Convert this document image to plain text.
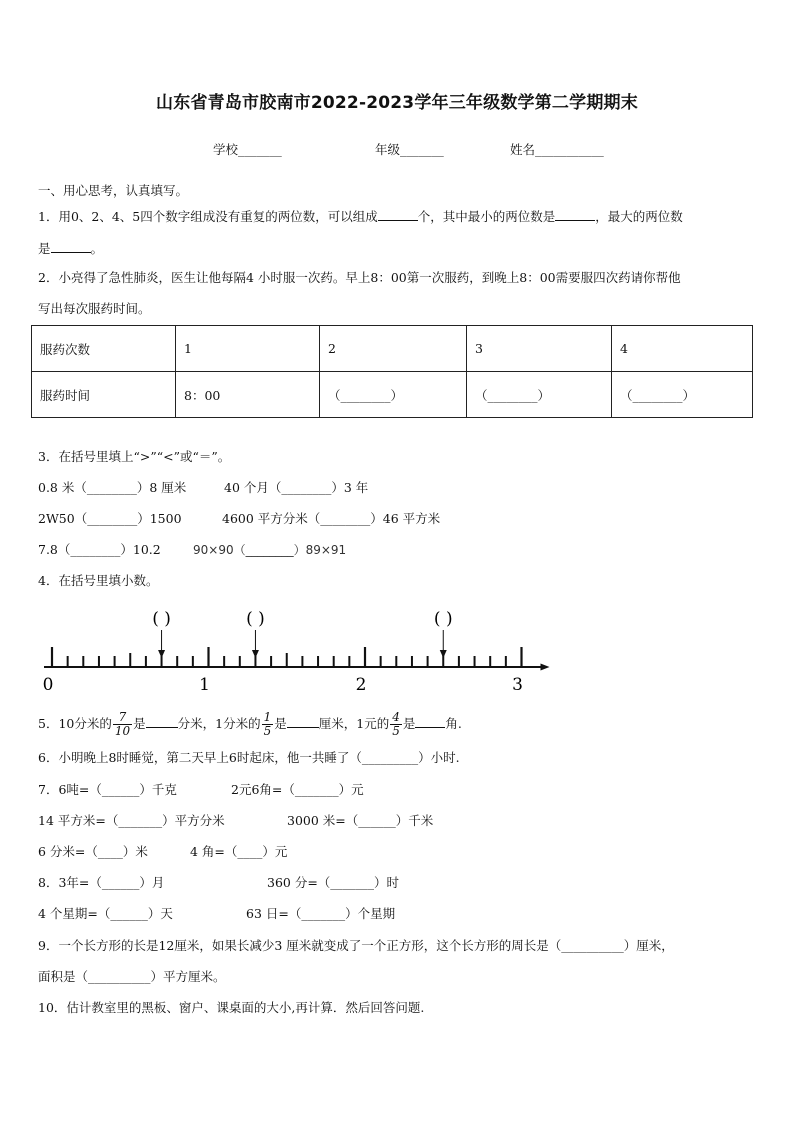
山东省青岛市胶南市2022-2023学年三年级数学第二学期期末
学校_______	年级_______	姓名___________
一、用心思考，认真填写。
1．用0、2、4、5四个数字组成没有重复的两位数，可以组成	个，其中最小的两位数是	，最大的两位数
是	。
2．小亮得了急性肺炎，医生让他每隔4 小时服一次药。早上8：00第一次服药，到晚上8：00需要服四次药请你帮他
写出每次服药时间。
服药次数	1	2	3	4
服药时间	8：00	（________）	（________）	（________）
3．在括号里填上“>”“<”或“＝”。
0.8 米（________）8 厘米	40 个月（________）3 年
2W50（________）1500	4600 平方分米（________）46 平方米
7.8（________）10.2	90×90（________）89×91
4．在括号里填小数。
0	1	2	3
( )	( )	( )
5．10分米的 $\frac{7}{10}$ 是	分米，1分米的 $\frac{1}{5}$ 是	厘米，1元的 $\frac{4}{5}$ 是 角.
6．小明晚上8时睡觉，第二天早上6时起床，他一共睡了（_________）小时.
7．6吨=（______）千克	2元6角=（_______）元
14 平方米=（_______）平方分米	3000 米=（______）千米
6 分米=（____）米	4 角=（____）元
8．3年=（______）月	360 分=（_______）时
4 个星期=（______）天	63 日=（_______）个星期
9．一个长方形的长是12厘米，如果长减少3 厘米就变成了一个正方形，这个长方形的周长是（__________）厘米，
面积是（__________）平方厘米。
10．估计教室里的黑板、窗户、课桌面的大小,再计算．然后回答问题.
